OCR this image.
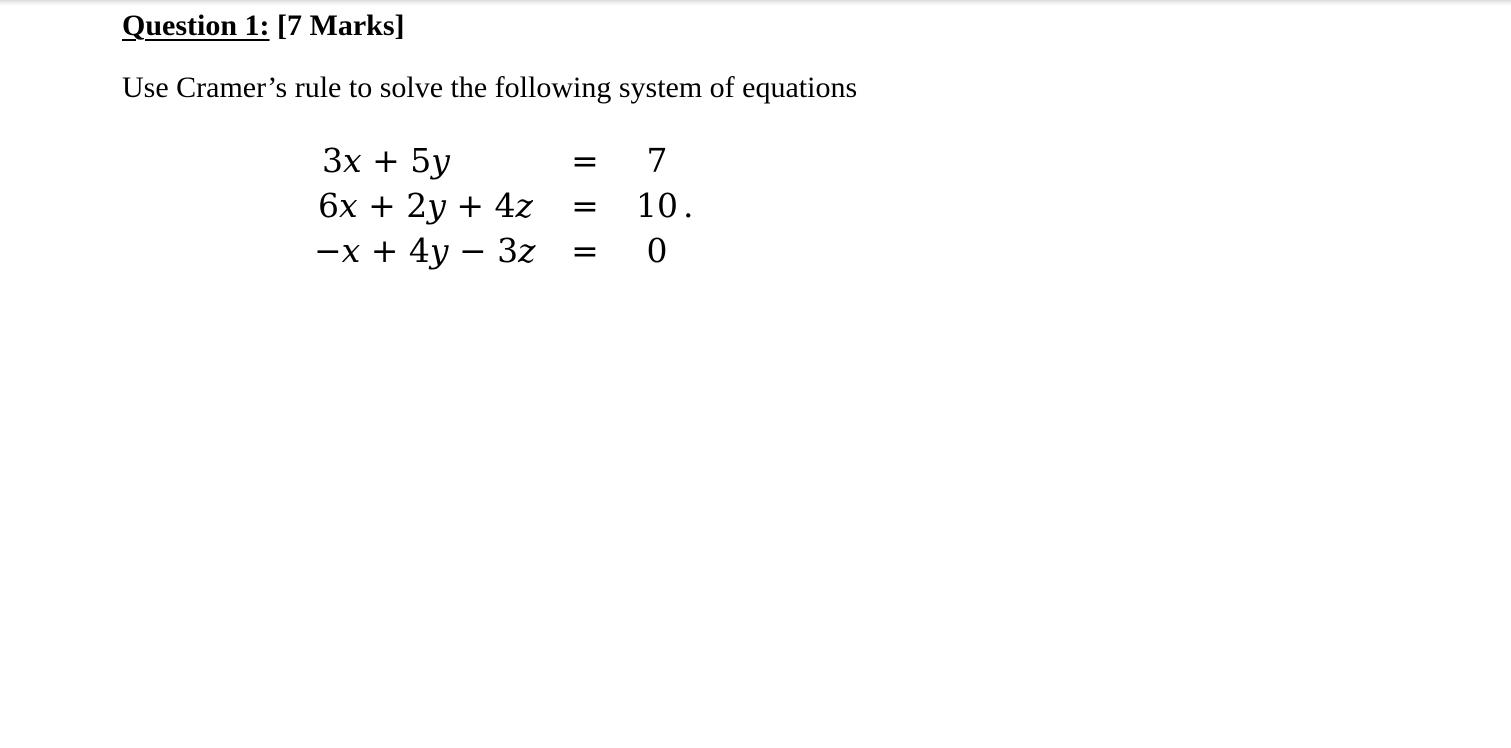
Question 1: [7 Marks]
Use Cramer’s rule to solve the following system of equations
3𝑥 + 5𝑦	=	7
6𝑥 + 2𝑦 + 4𝑧 = 10 .
−𝑥 + 4𝑦 − 3𝑧 =	0
